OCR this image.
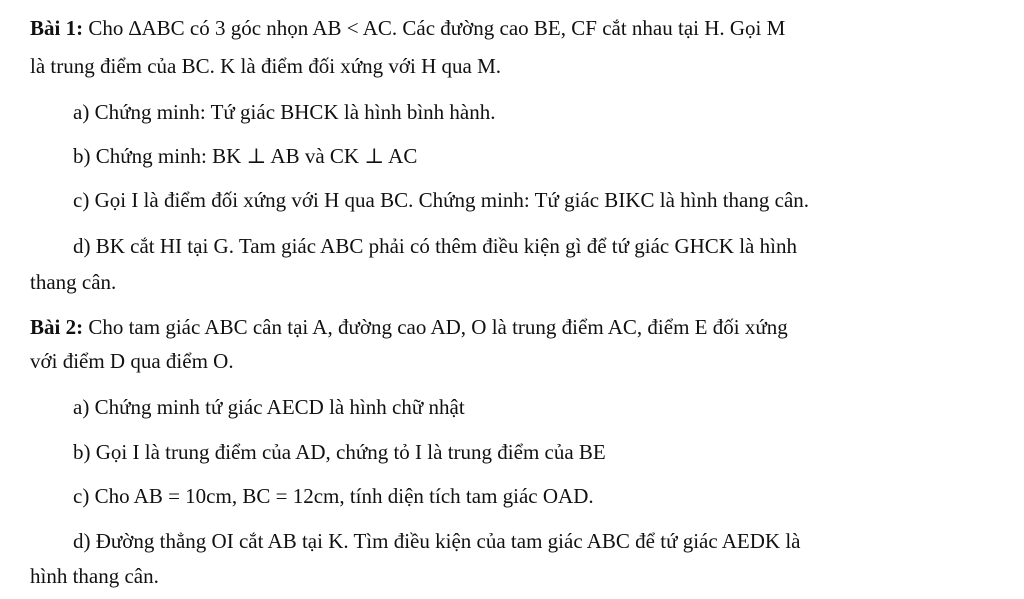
Bài 1: Cho ∆ABC có 3 góc nhọn AB < AC. Các đường cao BE, CF cắt nhau tại H. Gọi M
là trung điểm của BC. K là điểm đối xứng với H qua M.
a) Chứng minh: Tứ giác BHCK là hình bình hành.
b) Chứng minh: BK ⊥ AB và CK ⊥ AC
c) Gọi I là điểm đối xứng với H qua BC. Chứng minh: Tứ giác BIKC là hình thang cân.
d) BK cắt HI tại G. Tam giác ABC phải có thêm điều kiện gì để tứ giác GHCK là hình
thang cân.
Bài 2: Cho tam giác ABC cân tại A, đường cao AD, O là trung điểm AC, điểm E đối xứng
với điểm D qua điểm O.
a) Chứng minh tứ giác AECD là hình chữ nhật
b) Gọi I là trung điểm của AD, chứng tỏ I là trung điểm của BE
c) Cho AB = 10cm, BC = 12cm, tính diện tích tam giác OAD.
d) Đường thẳng OI cắt AB tại K. Tìm điều kiện của tam giác ABC để tứ giác AEDK là
hình thang cân.
